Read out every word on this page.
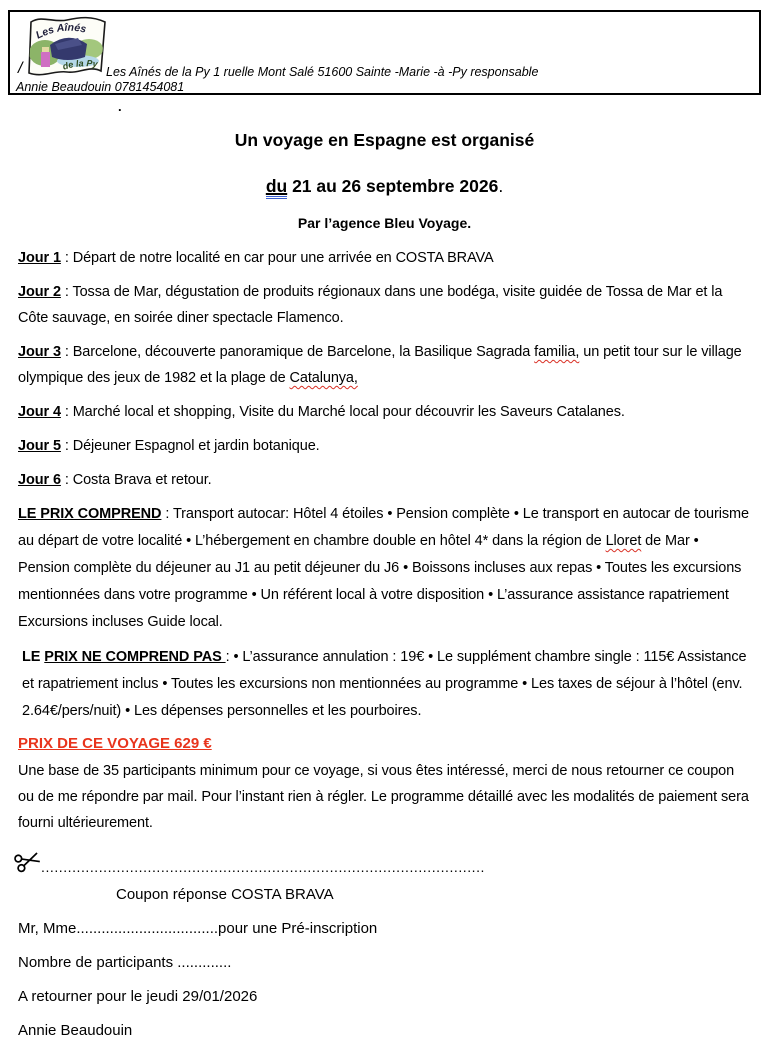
Les Aînés
de la Py
/	Les Aînés de la Py 1 ruelle Mont Salé 51600 Sainte -Marie -à -Py responsable
Annie Beaudouin 0781454081
.
Un voyage en Espagne est organisé
du 21 au 26 septembre 2026.
Par l’agence Bleu Voyage.

Jour 1 : Départ de notre localité en car pour une arrivée en COSTA BRAVA

Jour 2 : Tossa de Mar, dégustation de produits régionaux dans une bodéga, visite guidée de Tossa de Mar et la Côte sauvage, en soirée diner spectacle Flamenco.

Jour 3 : Barcelone, découverte panoramique de Barcelone, la Basilique Sagrada familia, un petit tour sur le village olympique des jeux de 1982 et la plage de Catalunya,

Jour 4 : Marché local et shopping, Visite du Marché local pour découvrir les Saveurs Catalanes.

Jour 5 : Déjeuner Espagnol et jardin botanique.

Jour 6 : Costa Brava et retour.

LE PRIX COMPREND : Transport autocar: Hôtel 4 étoiles • Pension complète • Le transport en autocar de tourisme au départ de votre localité • L’hébergement en chambre double en hôtel 4* dans la région de Lloret de Mar • Pension complète du déjeuner au J1 au petit déjeuner du J6 • Boissons incluses aux repas • Toutes les excursions mentionnées dans votre programme • Un référent local à votre disposition • L’assurance assistance rapatriement Excursions incluses Guide local.

LE PRIX NE COMPREND PAS : • L’assurance annulation : 19€ • Le supplément chambre single : 115€ Assistance et rapatriement inclus • Toutes les excursions non mentionnées au programme • Les taxes de séjour à l’hôtel (env. 2.64€/pers/nuit) • Les dépenses personnelles et les pourboires.

PRIX DE CE VOYAGE 629 €

Une base de 35 participants minimum pour ce voyage, si vous êtes intéressé, merci de nous retourner ce coupon ou de me répondre par mail. Pour l’instant rien à régler. Le programme détaillé avec les modalités de paiement sera fourni ultérieurement.

....................................................................................................
Coupon réponse COSTA BRAVA
Mr, Mme..................................pour une Pré-inscription
Nombre de participants .............
A retourner pour le jeudi 29/01/2026
Annie Beaudouin
